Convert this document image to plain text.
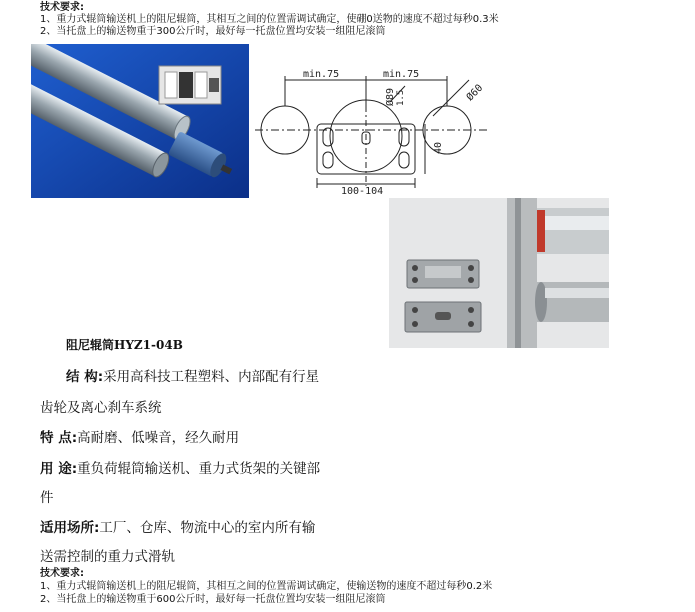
技术要求:
1、重力式辊筒输送机上的阻尼辊筒，其相互之间的位置需调试确定，使硼0送物的速度不超过每秒0.3米
2、当托盘上的输送物重于300公斤时，最好每一托盘位置均安装一组阻尼滚筒
min.75	min.75
Ø89 1.5	Ø60
40
100-104
阻尼辊筒HYZ1-04B
结 构:采用高科技工程塑料、内部配有行星
齿轮及离心刹车系统
特 点:高耐磨、低噪音，经久耐用
用 途:重负荷辊筒输送机、重力式货架的关键部
件
适用场所:工厂、仓库、物流中心的室内所有输
送需控制的重力式滑轨
技术要求:
1、重力式辊筒输送机上的阻尼辊筒，其相互之间的位置需调试确定，使输送物的速度不超过每秒0.2米
2、当托盘上的输送物重于600公斤时，最好每一托盘位置均安装一组阻尼滚筒
